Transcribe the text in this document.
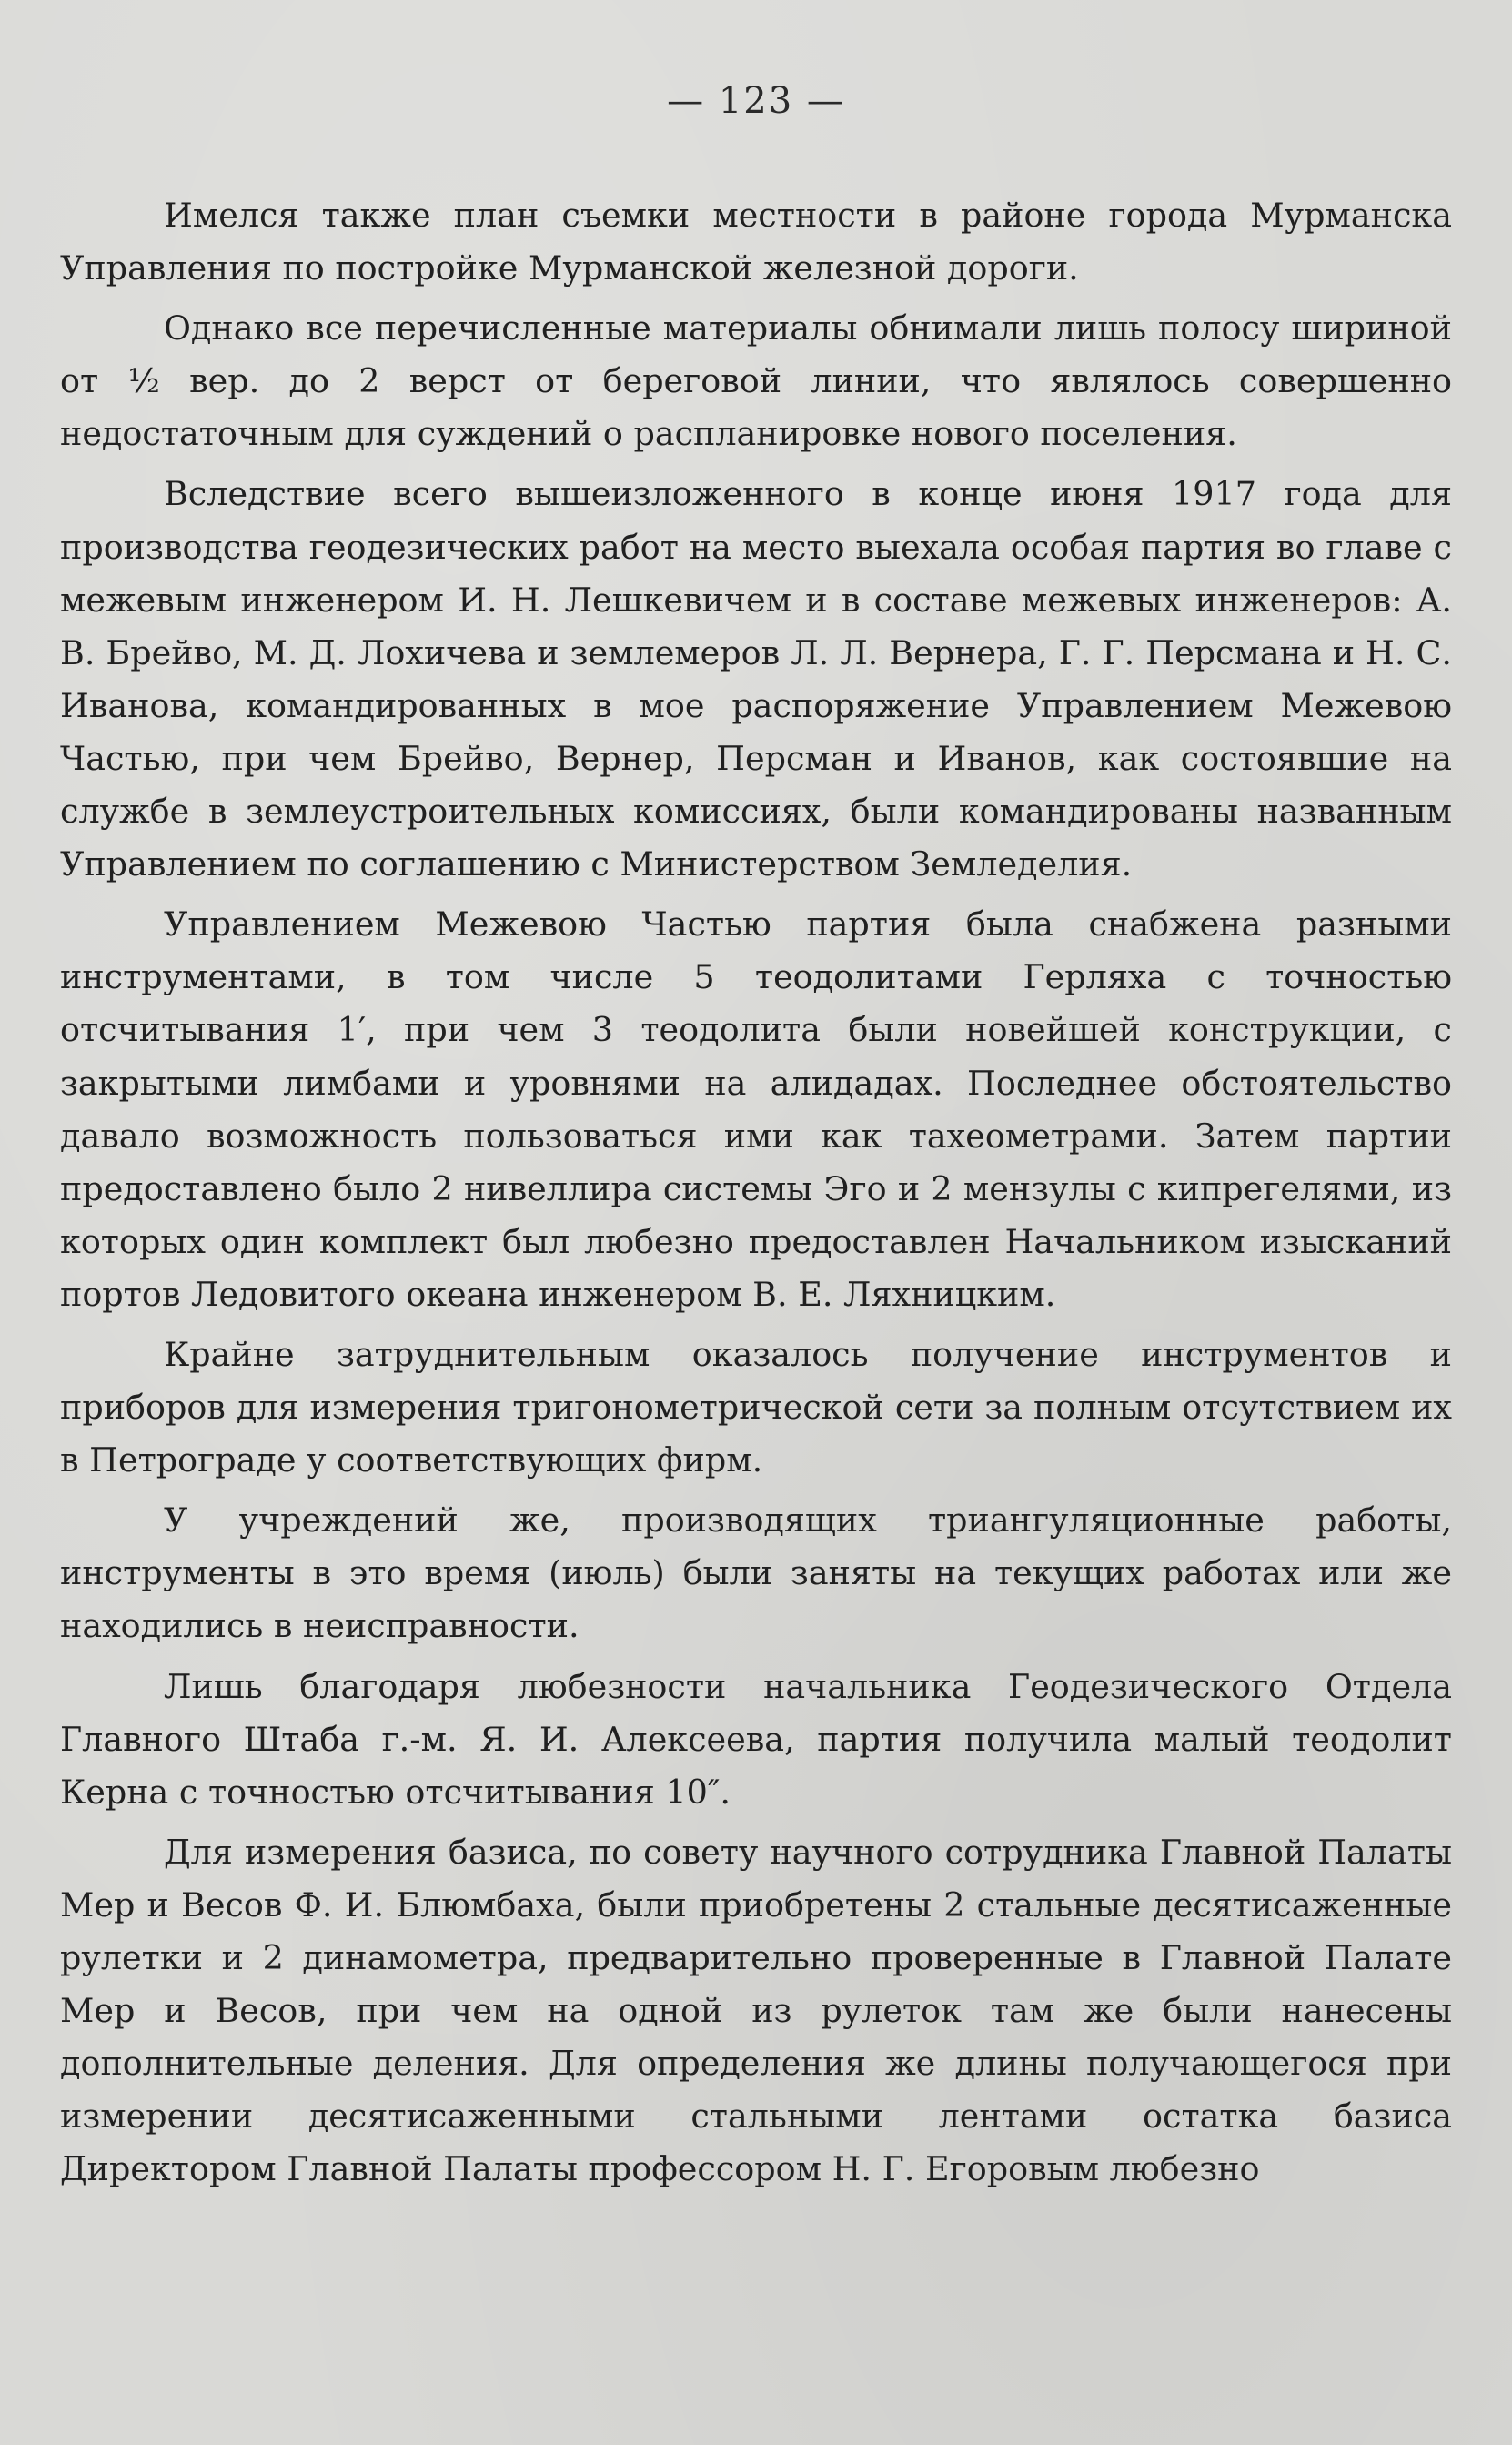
— 123 —

Имелся также план съемки местности в районе города Мурманска Управления по постройке Мурманской железной дороги.

Однако все перечисленные материалы обнимали лишь полосу шириной от ½ вер. до 2 верст от береговой линии, что являлось совершенно недостаточным для суждений о распланировке нового поселения.

Вследствие всего вышеизложенного в конце июня 1917 года для производства геодезических работ на место выехала особая партия во главе с межевым инженером И. Н. Лешкевичем и в составе межевых инженеров: А. В. Брейво, М. Д. Лохичева и землемеров Л. Л. Вернера, Г. Г. Персмана и Н. С. Иванова, командированных в мое распоряжение Управлением Межевою Частью, при чем Брейво, Вернер, Персман и Иванов, как состоявшие на службе в землеустроительных комиссиях, были командированы названным Управлением по соглашению с Министерством Земледелия.

Управлением Межевою Частью партия была снабжена разными инструментами, в том числе 5 теодолитами Герляха с точностью отсчитывания 1′, при чем 3 теодолита были новейшей конструкции, с закрытыми лимбами и уровнями на алидадах. Последнее обстоятельство давало возможность пользоваться ими как тахеометрами. Затем партии предоставлено было 2 нивеллира системы Эго и 2 мензулы с кипрегелями, из которых один комплект был любезно предоставлен Начальником изысканий портов Ледовитого океана инженером В. Е. Ляхницким.

Крайне затруднительным оказалось получение инструментов и приборов для измерения тригонометрической сети за полным отсутствием их в Петрограде у соответствующих фирм.

У учреждений же, производящих триангуляционные работы, инструменты в это время (июль) были заняты на текущих работах или же находились в неисправности.

Лишь благодаря любезности начальника Геодезического Отдела Главного Штаба г.-м. Я. И. Алексеева, партия получила малый теодолит Керна с точностью отсчитывания 10″.

Для измерения базиса, по совету научного сотрудника Главной Палаты Мер и Весов Ф. И. Блюмбаха, были приобретены 2 стальные десятисаженные рулетки и 2 динамометра, предварительно проверенные в Главной Палате Мер и Весов, при чем на одной из рулеток там же были нанесены дополнительные деления. Для определения же длины получающегося при измерении десятисаженными стальными лентами остатка базиса Директором Главной Палаты профессором Н. Г. Егоровым любезно
